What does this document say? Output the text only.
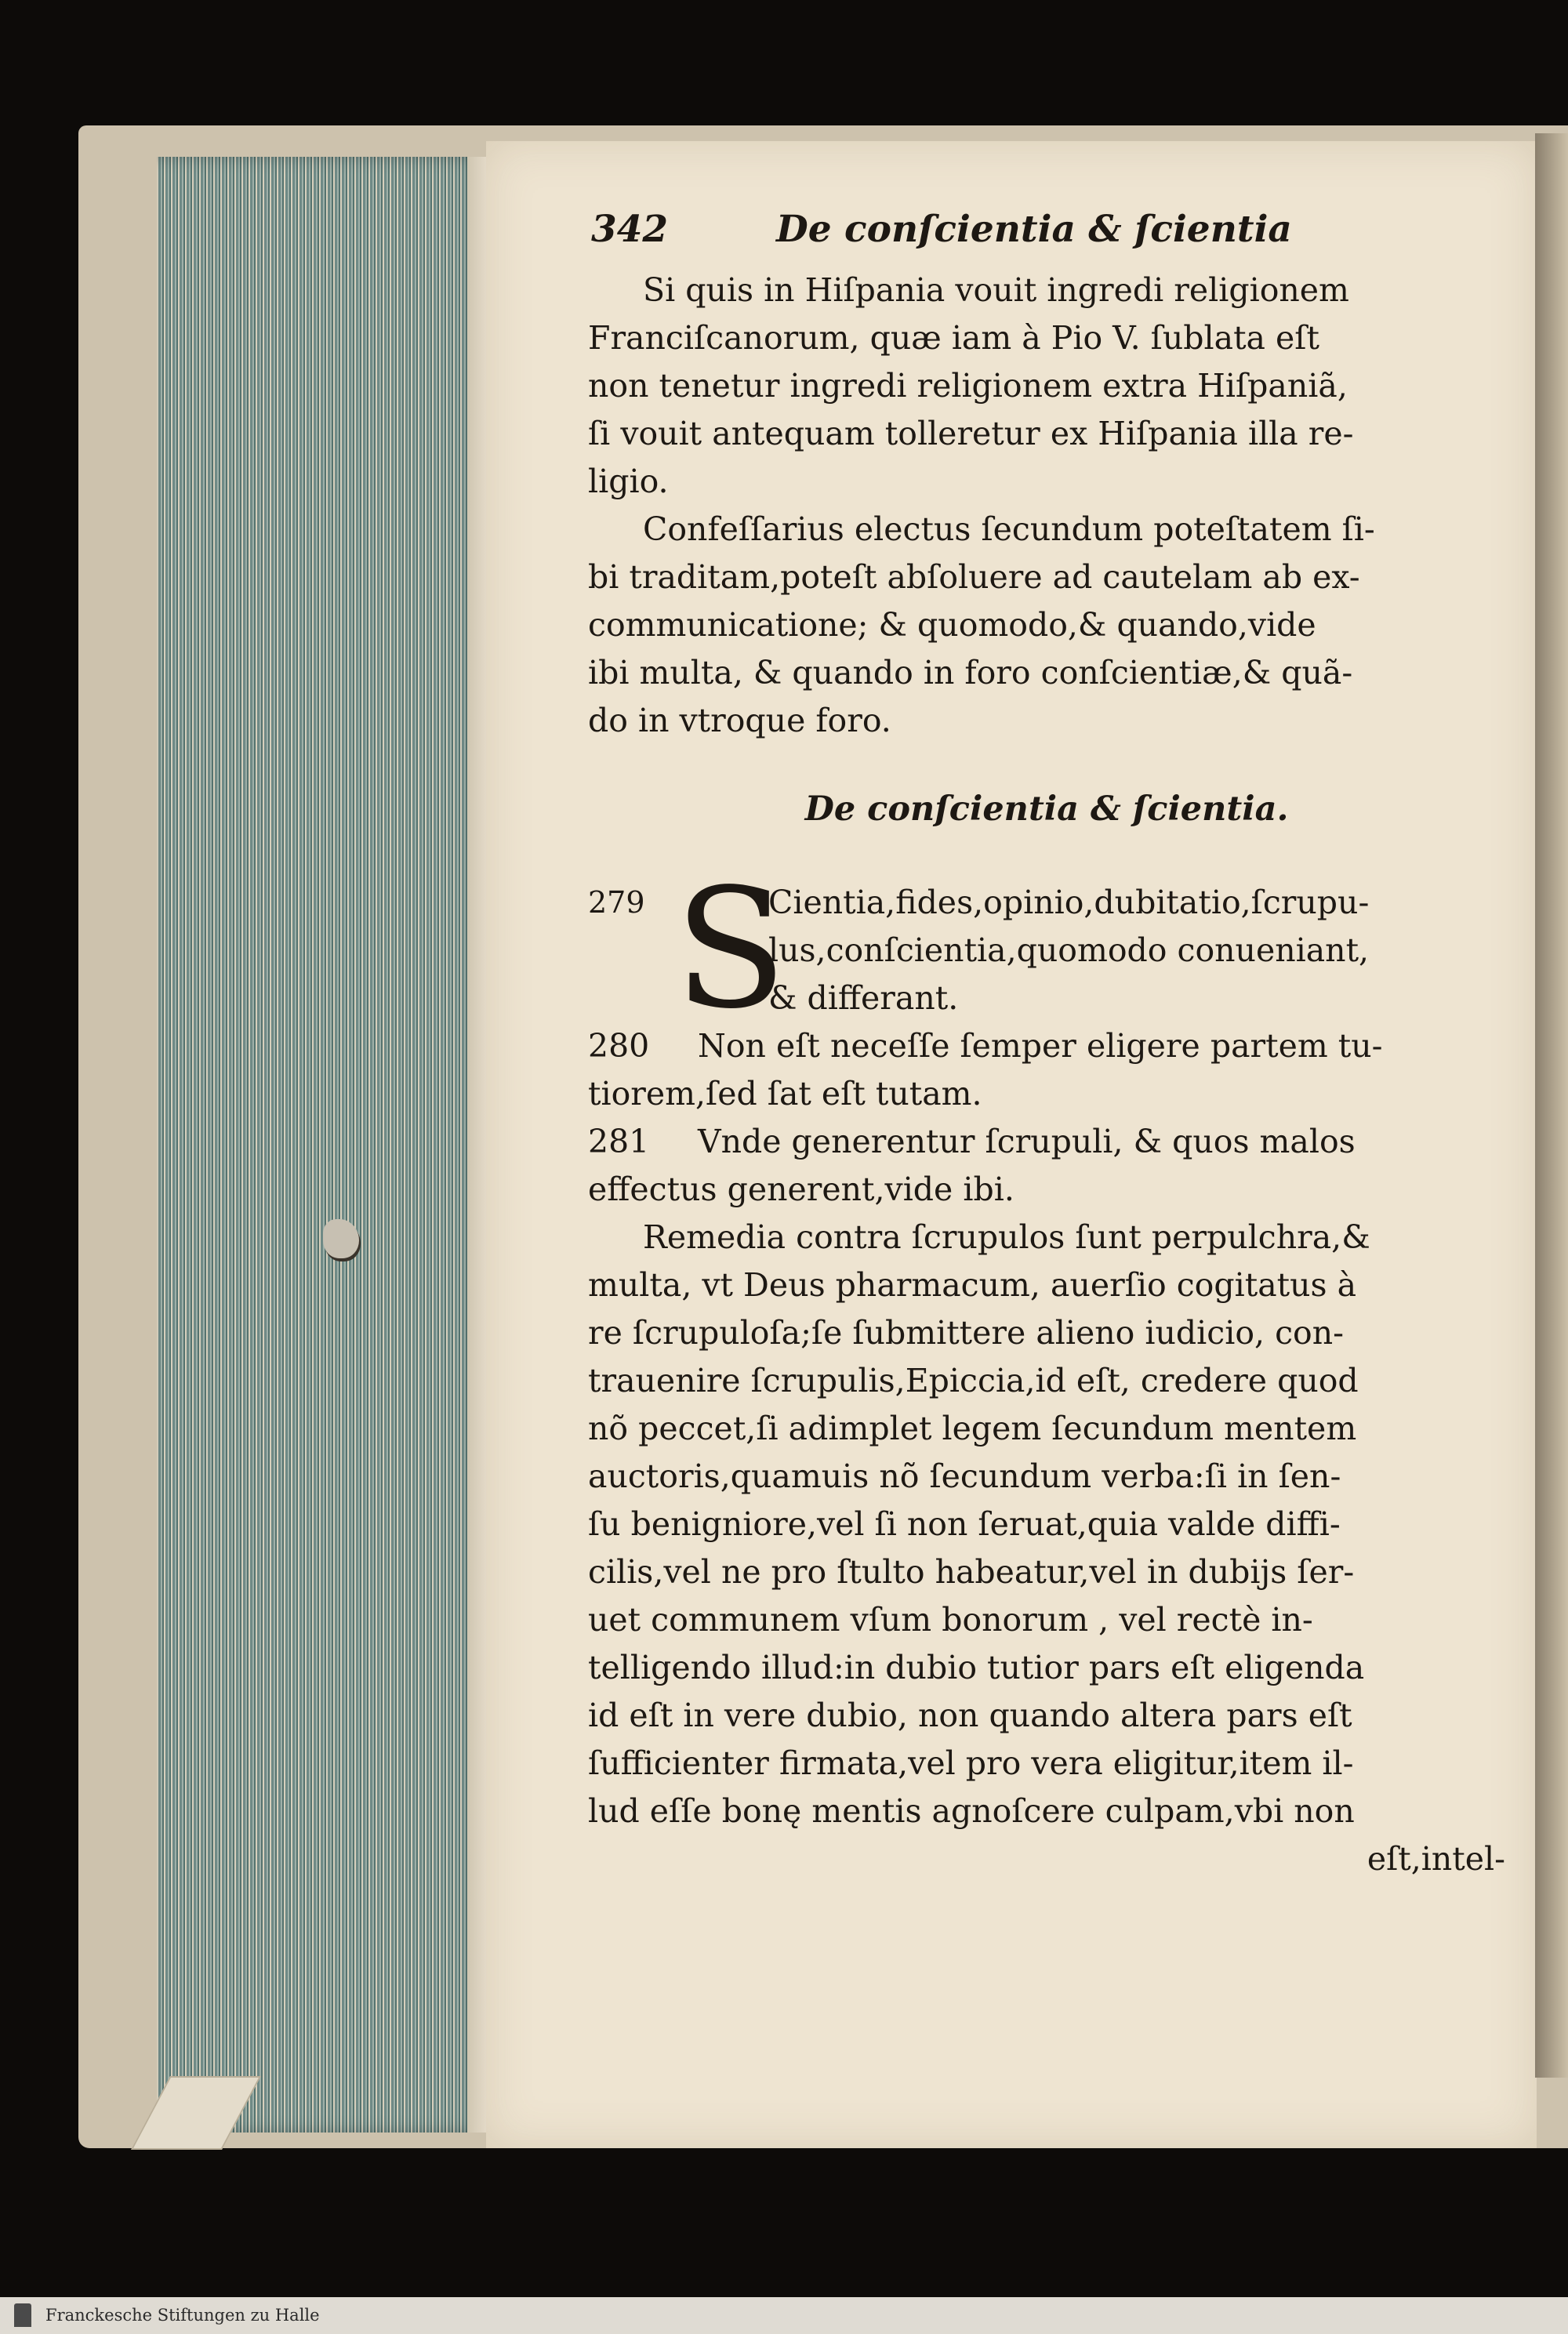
342	De conſcientia & ſcientia
Si quis in Hiſpania vouit ingredi religionem
Franciſcanorum, quæ iam à Pio V. ſublata eſt
non tenetur ingredi religionem extra Hiſpaniã,
ſi vouit antequam tolleretur ex Hiſpania illa re-
ligio.
Confeſſarius electus ſecundum poteſtatem ſi-
bi traditam,poteſt abſoluere ad cautelam ab ex-
communicatione; & quomodo,& quando,vide
ibi multa, & quando in foro conſcientiæ,& quã-
do in vtroque foro.
De conſcientia & ſcientia.
279 S
Cientia,fides,opinio,dubitatio,ſcrupu-
lus,conſcientia,quomodo conueniant,
& differant.
280 Non eſt neceſſe ſemper eligere partem tu-
tiorem,ſed ſat eſt tutam.
281 Vnde generentur ſcrupuli, & quos malos
effectus generent,vide ibi.
Remedia contra ſcrupulos ſunt perpulchra,&
multa, vt Deus pharmacum, auerſio cogitatus à
re ſcrupuloſa;ſe ſubmittere alieno iudicio, con-
trauenire ſcrupulis,Epiccia,id eſt, credere quod
nõ peccet,ſi adimplet legem ſecundum mentem
auctoris,quamuis nõ ſecundum verba:ſi in ſen-
ſu benigniore,vel ſi non ſeruat,quia valde diffi-
cilis,vel ne pro ſtulto habeatur,vel in dubijs ſer-
uet communem vſum bonorum , vel rectè in-
telligendo illud:in dubio tutior pars eſt eligenda
id eſt in vere dubio, non quando altera pars eſt
ſufficienter firmata,vel pro vera eligitur,item il-
lud eſſe bonę mentis agnoſcere culpam,vbi non
eſt,intel-
Franckesche Stiftungen zu Halle
